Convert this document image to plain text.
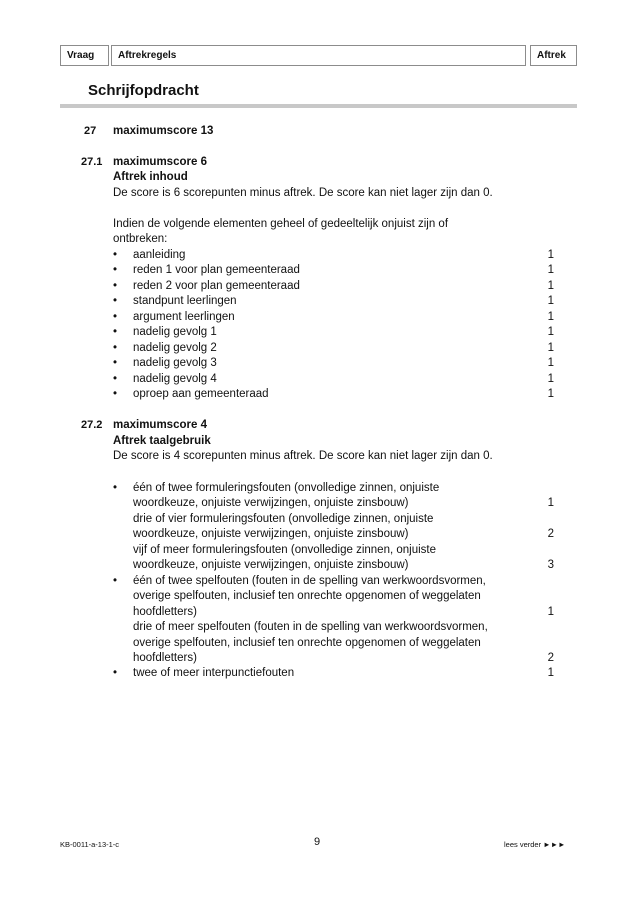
Vraag	Aftrekregels	Aftrek
Schrijfopdracht
27 maximumscore 13
27.1 maximumscore 6
Aftrek inhoud
De score is 6 scorepunten minus aftrek. De score kan niet lager zijn dan 0.
Indien de volgende elementen geheel of gedeeltelijk onjuist zijn of
ontbreken:
• aanleiding	1
• reden 1 voor plan gemeenteraad	1
• reden 2 voor plan gemeenteraad	1
• standpunt leerlingen	1
• argument leerlingen	1
• nadelig gevolg 1	1
• nadelig gevolg 2	1
• nadelig gevolg 3	1
• nadelig gevolg 4	1
• oproep aan gemeenteraad	1
27.2 maximumscore 4
Aftrek taalgebruik
De score is 4 scorepunten minus aftrek. De score kan niet lager zijn dan 0.
• één of twee formuleringsfouten (onvolledige zinnen, onjuiste
woordkeuze, onjuiste verwijzingen, onjuiste zinsbouw)	1
drie of vier formuleringsfouten (onvolledige zinnen, onjuiste
woordkeuze, onjuiste verwijzingen, onjuiste zinsbouw)	2
vijf of meer formuleringsfouten (onvolledige zinnen, onjuiste
woordkeuze, onjuiste verwijzingen, onjuiste zinsbouw)	3
• één of twee spelfouten (fouten in de spelling van werkwoordsvormen,
overige spelfouten, inclusief ten onrechte opgenomen of weggelaten
hoofdletters)	1
drie of meer spelfouten (fouten in de spelling van werkwoordsvormen,
overige spelfouten, inclusief ten onrechte opgenomen of weggelaten
hoofdletters)	2
• twee of meer interpunctiefouten	1
KB-0011-a-13-1-c	9	lees verder ►►►
